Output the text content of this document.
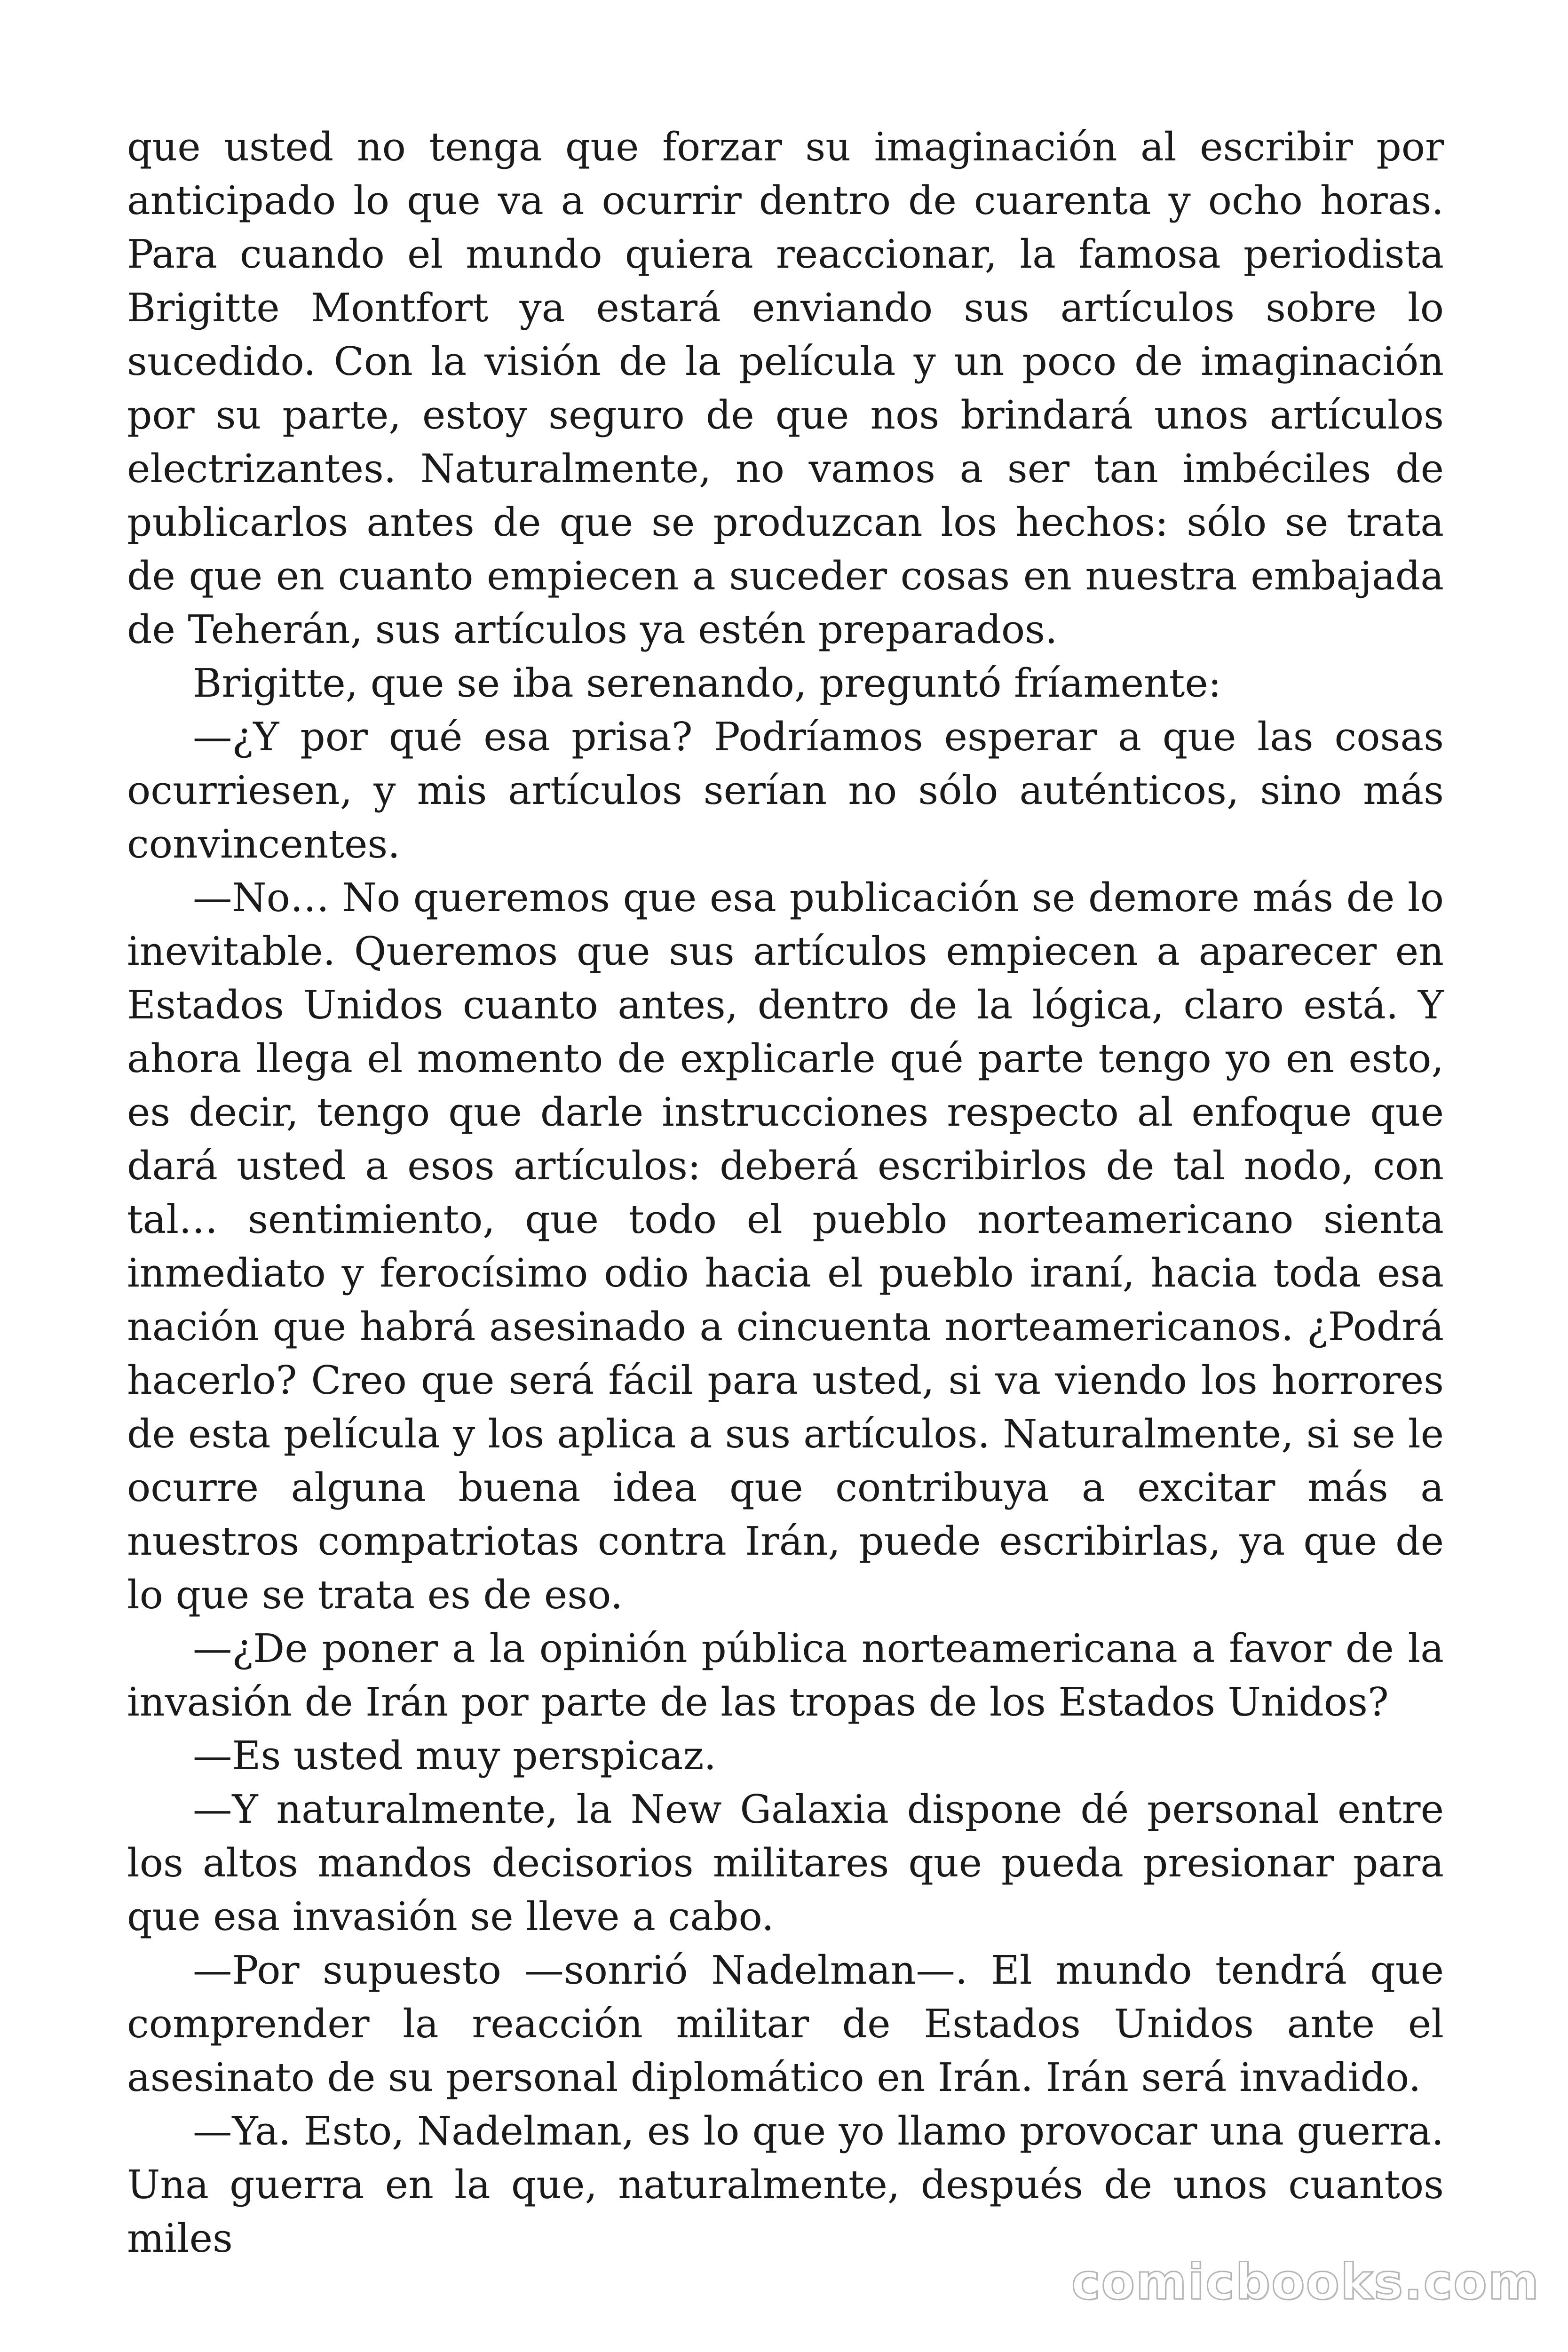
que usted no tenga que forzar su imaginación al escribir por anticipado lo que va a ocurrir dentro de cuarenta y ocho horas. Para cuando el mundo quiera reaccionar, la famosa periodista Brigitte Montfort ya estará enviando sus artículos sobre lo sucedido. Con la visión de la película y un poco de imaginación por su parte, estoy seguro de que nos brindará unos artículos electrizantes. Naturalmente, no vamos a ser tan imbéciles de publicarlos antes de que se produzcan los hechos: sólo se trata de que en cuanto empiecen a suceder cosas en nuestra embajada de Teherán, sus artículos ya estén preparados.

Brigitte, que se iba serenando, preguntó fríamente:

—¿Y por qué esa prisa? Podríamos esperar a que las cosas ocurriesen, y mis artículos serían no sólo auténticos, sino más convincentes.

—No… No queremos que esa publicación se demore más de lo inevitable. Queremos que sus artículos empiecen a aparecer en Estados Unidos cuanto antes, dentro de la lógica, claro está. Y ahora llega el momento de explicarle qué parte tengo yo en esto, es decir, tengo que darle instrucciones respecto al enfoque que dará usted a esos artículos: deberá escribirlos de tal nodo, con tal… sentimiento, que todo el pueblo norteamericano sienta inmediato y ferocísimo odio hacia el pueblo iraní, hacia toda esa nación que habrá asesinado a cincuenta norteamericanos. ¿Podrá hacerlo? Creo que será fácil para usted, si va viendo los horrores de esta película y los aplica a sus artículos. Naturalmente, si se le ocurre alguna buena idea que contribuya a excitar más a nuestros compatriotas contra Irán, puede escribirlas, ya que de lo que se trata es de eso.

—¿De poner a la opinión pública norteamericana a favor de la invasión de Irán por parte de las tropas de los Estados Unidos?

—Es usted muy perspicaz.

—Y naturalmente, la New Galaxia dispone dé personal entre los altos mandos decisorios militares que pueda presionar para que esa invasión se lleve a cabo.

—Por supuesto —sonrió Nadelman—. El mundo tendrá que comprender la reacción militar de Estados Unidos ante el asesinato de su personal diplomático en Irán. Irán será invadido.

—Ya. Esto, Nadelman, es lo que yo llamo provocar una guerra. Una guerra en la que, naturalmente, después de unos cuantos miles

comicbooks.com
